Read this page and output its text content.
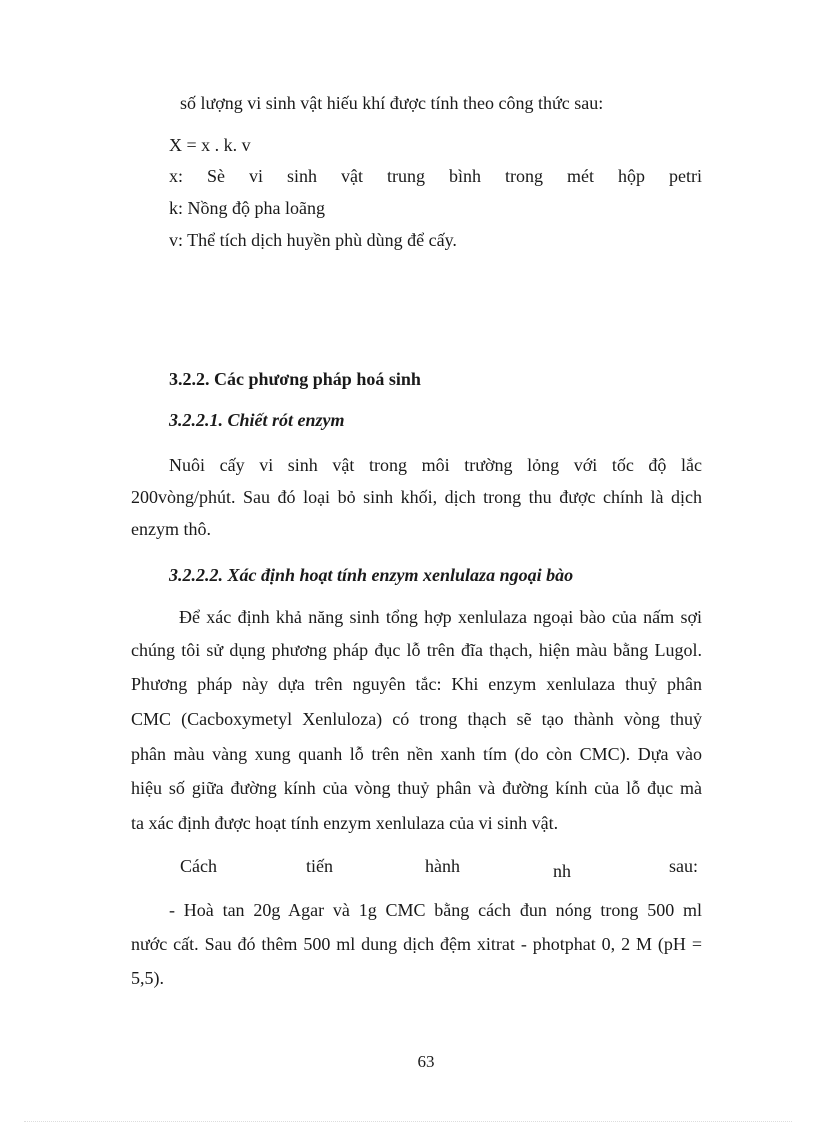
số lượng vi sinh vật hiếu khí được tính theo công thức sau:
X = x . k. v
x: Sè vi sinh vật trung bình trong mét hộp petri
k: Nồng độ pha loãng
v: Thể tích dịch huyền phù dùng để cấy.
3.2.2. Các phương pháp hoá sinh
3.2.2.1. Chiết rót enzym
Nuôi cấy vi sinh vật trong môi trường lỏng với tốc độ lắc
200vòng/phút. Sau đó loại bỏ sinh khối, dịch trong thu được chính là dịch
enzym thô.
3.2.2.2. Xác định hoạt tính enzym xenlulaza ngoại bào
Để xác định khả năng sinh tổng hợp xenlulaza ngoại bào của nấm sợi
chúng tôi sử dụng phương pháp đục lỗ trên đĩa thạch, hiện màu bằng Lugol.
Phương pháp này dựa trên nguyên tắc: Khi enzym xenlulaza thuỷ phân
CMC (Cacboxymetyl Xenluloza) có trong thạch sẽ tạo thành vòng thuỷ
phân màu vàng xung quanh lỗ trên nền xanh tím (do còn CMC). Dựa vào
hiệu số giữa đường kính của vòng thuỷ phân và đường kính của lỗ đục mà
ta xác định được hoạt tính enzym xenlulaza của vi sinh vật.
Cách	tiến	hành	nh	sau:
- Hoà tan 20g Agar và 1g CMC bằng cách đun nóng trong 500 ml
nước cất. Sau đó thêm 500 ml dung dịch đệm xitrat - photphat 0, 2 M (pH =
5,5).
63
